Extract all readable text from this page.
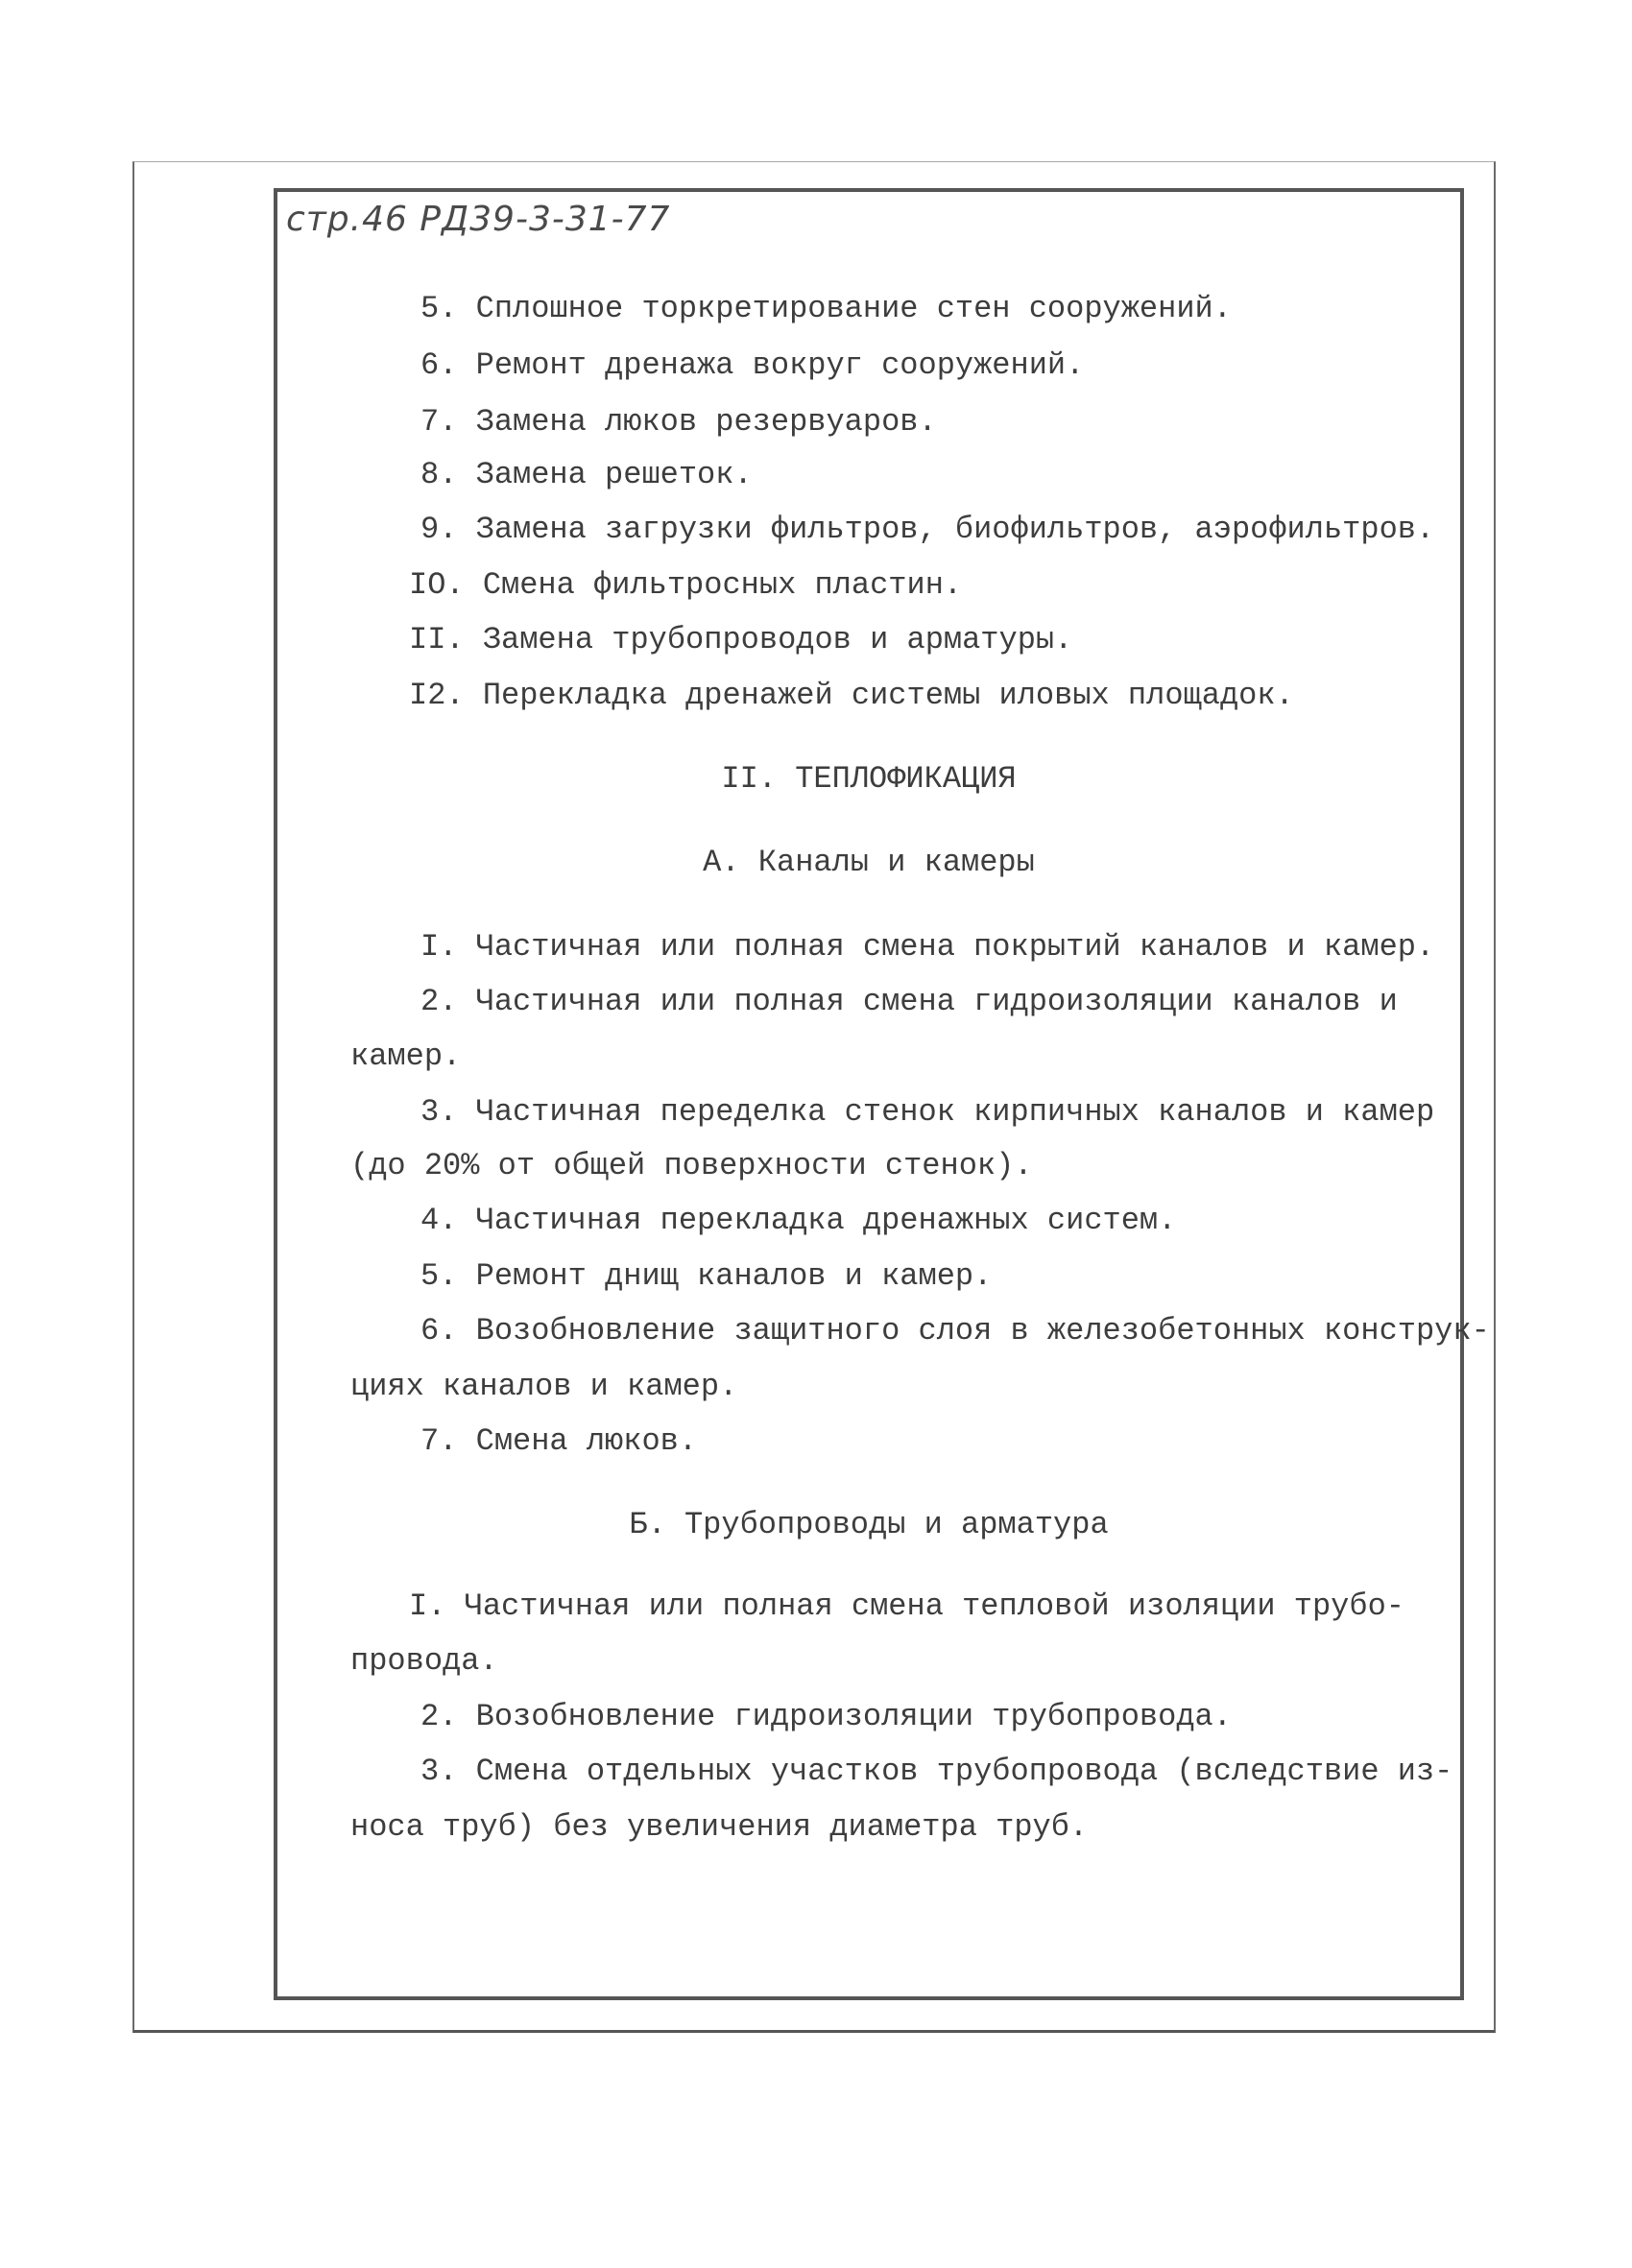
стр.46 РД39-3-31-77
5. Сплошное торкретирование стен сооружений.
6. Ремонт дренажа вокруг сооружений.
7. Замена люков резервуаров.
8. Замена решеток.
9. Замена загрузки фильтров, биофильтров, аэрофильтров.
IO. Смена фильтросных пластин.
II. Замена трубопроводов и арматуры.
I2. Перекладка дренажей системы иловых площадок.
II. ТЕПЛОФИКАЦИЯ
А. Каналы и камеры
I. Частичная или полная смена покрытий каналов и камер.
2. Частичная или полная смена гидроизоляции каналов и
камер.
3. Частичная переделка стенок кирпичных каналов и камер
(до 20% от общей поверхности стенок).
4. Частичная перекладка дренажных систем.
5. Ремонт днищ каналов и камер.
6. Возобновление защитного слоя в железобетонных конструк-
циях каналов и камер.
7. Смена люков.
Б. Трубопроводы и арматура
I. Частичная или полная смена тепловой изоляции трубо-
провода.
2. Возобновление гидроизоляции трубопровода.
3. Смена отдельных участков трубопровода (вследствие из-
носа труб) без увеличения диаметра труб.
